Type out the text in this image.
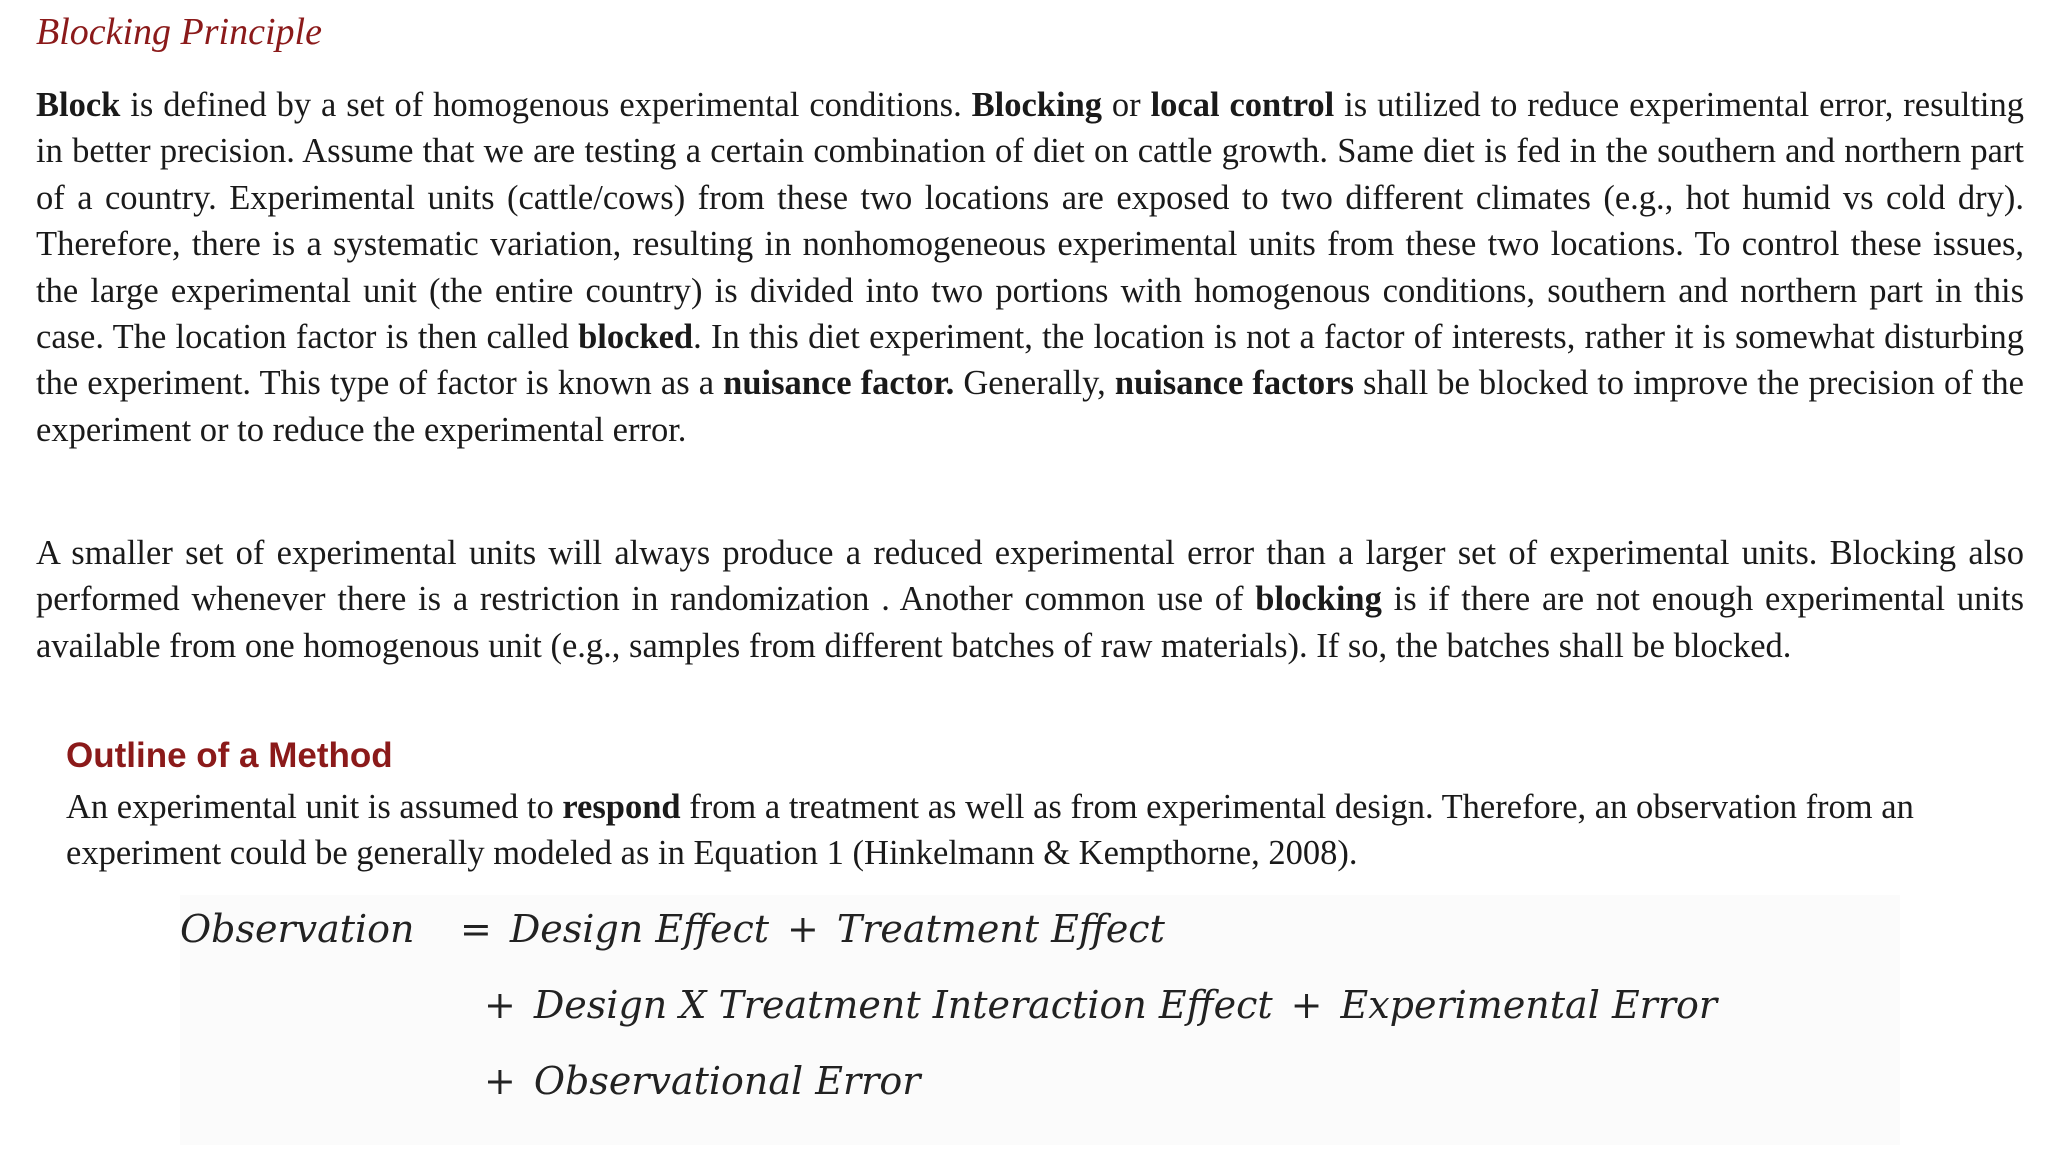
Blocking Principle

Block is defined by a set of homogenous experimental conditions. Blocking or local control is utilized to reduce experimental error, resulting in better precision. Assume that we are testing a certain combination of diet on cattle growth. Same diet is fed in the southern and northern part of a country. Experimental units (cattle/cows) from these two locations are exposed to two different climates (e.g., hot humid vs cold dry). Therefore, there is a systematic variation, resulting in nonhomogeneous experimental units from these two locations. To control these issues, the large experimental unit (the entire country) is divided into two portions with homogenous conditions, southern and northern part in this case. The location factor is then called blocked. In this diet experiment, the location is not a factor of interests, rather it is somewhat disturbing the experiment. This type of factor is known as a nuisance factor. Generally, nuisance factors shall be blocked to improve the precision of the experiment or to reduce the experimental error.

A smaller set of experimental units will always produce a reduced experimental error than a larger set of experimental units. Blocking also performed whenever there is a restriction in randomization . Another common use of blocking is if there are not enough experimental units available from one homogenous unit (e.g., samples from different batches of raw materials). If so, the batches shall be blocked.

Outline of a Method

An experimental unit is assumed to respond from a treatment as well as from experimental design. Therefore, an observation from an experiment could be generally modeled as in Equation 1 (Hinkelmann & Kempthorne, 2008).

Observation = Design Effect + Treatment Effect
+ Design X Treatment Interaction Effect + Experimental Error
+ Observational Error
